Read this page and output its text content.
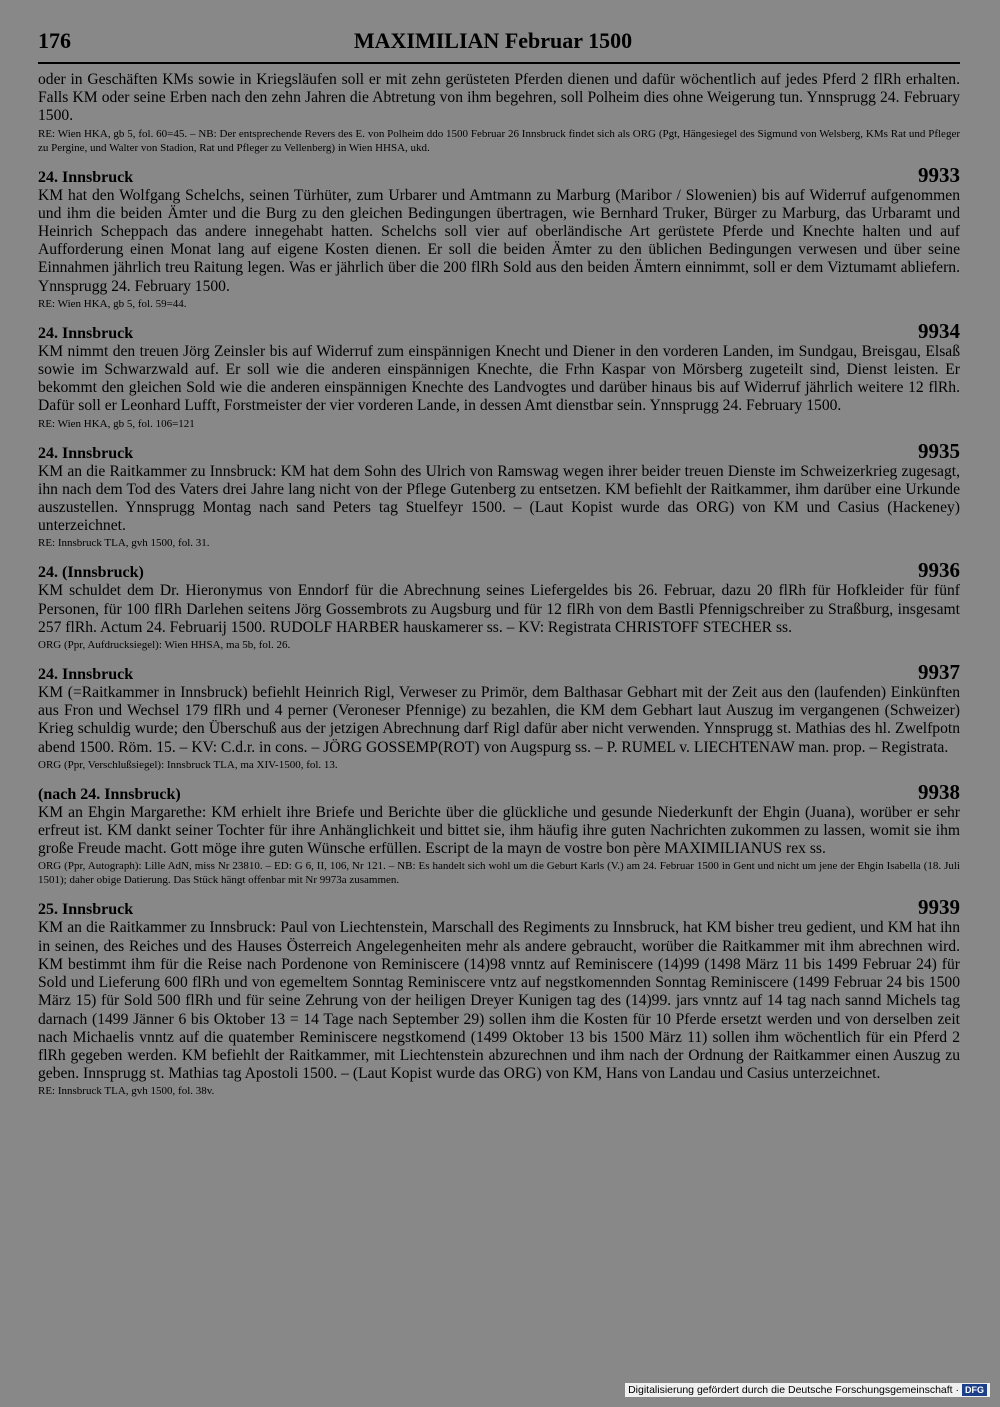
176	MAXIMILIAN Februar 1500
oder in Geschäften KMs sowie in Kriegsläufen soll er mit zehn gerüsteten Pferden dienen und dafür wöchentlich auf jedes Pferd 2 flRh erhalten. Falls KM oder seine Erben nach den zehn Jahren die Abtretung von ihm begehren, soll Polheim dies ohne Weigerung tun. Ynnsprugg 24. February 1500.
RE: Wien HKA, gb 5, fol. 60=45. – NB: Der entsprechende Revers des E. von Polheim ddo 1500 Februar 26 Innsbruck findet sich als ORG (Pgt, Hängesiegel des Sigmund von Welsberg, KMs Rat und Pfleger zu Pergine, und Walter von Stadion, Rat und Pfleger zu Vellenberg) in Wien HHSA, ukd.
24. Innsbruck	9933
KM hat den Wolfgang Schelchs, seinen Türhüter, zum Urbarer und Amtmann zu Marburg (Maribor / Slowenien) bis auf Widerruf aufgenommen und ihm die beiden Ämter und die Burg zu den gleichen Bedingungen übertragen, wie Bernhard Truker, Bürger zu Marburg, das Urbaramt und Heinrich Scheppach das andere innegehabt hatten. Schelchs soll vier auf oberländische Art gerüstete Pferde und Knechte halten und auf Aufforderung einen Monat lang auf eigene Kosten dienen. Er soll die beiden Ämter zu den üblichen Bedingungen verwesen und über seine Einnahmen jährlich treu Raitung legen. Was er jährlich über die 200 flRh Sold aus den beiden Ämtern einnimmt, soll er dem Viztumamt abliefern. Ynnsprugg 24. February 1500.
RE: Wien HKA, gb 5, fol. 59=44.
24. Innsbruck	9934
KM nimmt den treuen Jörg Zeinsler bis auf Widerruf zum einspännigen Knecht und Diener in den vorderen Landen, im Sundgau, Breisgau, Elsaß sowie im Schwarzwald auf. Er soll wie die anderen einspännigen Knechte, die Frhn Kaspar von Mörsberg zugeteilt sind, Dienst leisten. Er bekommt den gleichen Sold wie die anderen einspännigen Knechte des Landvogtes und darüber hinaus bis auf Widerruf jährlich weitere 12 flRh. Dafür soll er Leonhard Lufft, Forstmeister der vier vorderen Lande, in dessen Amt dienstbar sein. Ynnsprugg 24. February 1500.
RE: Wien HKA, gb 5, fol. 106=121
24. Innsbruck	9935
KM an die Raitkammer zu Innsbruck: KM hat dem Sohn des Ulrich von Ramswag wegen ihrer beider treuen Dienste im Schweizerkrieg zugesagt, ihn nach dem Tod des Vaters drei Jahre lang nicht von der Pflege Gutenberg zu entsetzen. KM befiehlt der Raitkammer, ihm darüber eine Urkunde auszustellen. Ynnsprugg Montag nach sand Peters tag Stuelfeyr 1500. – (Laut Kopist wurde das ORG) von KM und Casius (Hackeney) unterzeichnet.
RE: Innsbruck TLA, gvh 1500, fol. 31.
24. (Innsbruck)	9936
KM schuldet dem Dr. Hieronymus von Enndorf für die Abrechnung seines Liefergeldes bis 26. Februar, dazu 20 flRh für Hofkleider für fünf Personen, für 100 flRh Darlehen seitens Jörg Gossembrots zu Augsburg und für 12 flRh von dem Bastli Pfennigschreiber zu Straßburg, insgesamt 257 flRh. Actum 24. Februarij 1500. RUDOLF HARBER hauskamerer ss. – KV: Registrata CHRISTOFF STECHER ss.
ORG (Ppr, Aufdrucksiegel): Wien HHSA, ma 5b, fol. 26.
24. Innsbruck	9937
KM (=Raitkammer in Innsbruck) befiehlt Heinrich Rigl, Verweser zu Primör, dem Balthasar Gebhart mit der Zeit aus den (laufenden) Einkünften aus Fron und Wechsel 179 flRh und 4 perner (Veroneser Pfennige) zu bezahlen, die KM dem Gebhart laut Auszug im vergangenen (Schweizer) Krieg schuldig wurde; den Überschuß aus der jetzigen Abrechnung darf Rigl dafür aber nicht verwenden. Ynnsprugg st. Mathias des hl. Zwelfpotn abend 1500. Röm. 15. – KV: C.d.r. in cons. – JÖRG GOSSEMP(ROT) von Augspurg ss. – P. RUMEL v. LIECHTENAW man. prop. – Registrata.
ORG (Ppr, Verschlußsiegel): Innsbruck TLA, ma XIV-1500, fol. 13.
(nach 24. Innsbruck)	9938
KM an Ehgin Margarethe: KM erhielt ihre Briefe und Berichte über die glückliche und gesunde Niederkunft der Ehgin (Juana), worüber er sehr erfreut ist. KM dankt seiner Tochter für ihre Anhänglichkeit und bittet sie, ihm häufig ihre guten Nachrichten zukommen zu lassen, womit sie ihm große Freude macht. Gott möge ihre guten Wünsche erfüllen. Escript de la mayn de vostre bon père MAXIMILIANUS rex ss.
ORG (Ppr, Autograph): Lille AdN, miss Nr 23810. – ED: G 6, II, 106, Nr 121. – NB: Es handelt sich wohl um die Geburt Karls (V.) am 24. Februar 1500 in Gent und nicht um jene der Ehgin Isabella (18. Juli 1501); daher obige Datierung. Das Stück hängt offenbar mit Nr 9973a zusammen.
25. Innsbruck	9939
KM an die Raitkammer zu Innsbruck: Paul von Liechtenstein, Marschall des Regiments zu Innsbruck, hat KM bisher treu gedient, und KM hat ihn in seinen, des Reiches und des Hauses Österreich Angelegenheiten mehr als andere gebraucht, worüber die Raitkammer mit ihm abrechnen wird. KM bestimmt ihm für die Reise nach Pordenone von Reminiscere (14)98 vnntz auf Reminiscere (14)99 (1498 März 11 bis 1499 Februar 24) für Sold und Lieferung 600 flRh und von egemeltem Sonntag Reminiscere vntz auf negstkomennden Sonntag Reminiscere (1499 Februar 24 bis 1500 März 15) für Sold 500 flRh und für seine Zehrung von der heiligen Dreyer Kunigen tag des (14)99. jars vnntz auf 14 tag nach sannd Michels tag darnach (1499 Jänner 6 bis Oktober 13 = 14 Tage nach September 29) sollen ihm die Kosten für 10 Pferde ersetzt werden und von derselben zeit nach Michaelis vnntz auf die quatember Reminiscere negstkomend (1499 Oktober 13 bis 1500 März 11) sollen ihm wöchentlich für ein Pferd 2 flRh gegeben werden. KM befiehlt der Raitkammer, mit Liechtenstein abzurechnen und ihm nach der Ordnung der Raitkammer einen Auszug zu geben. Innsprugg st. Mathias tag Apostoli 1500. – (Laut Kopist wurde das ORG) von KM, Hans von Landau und Casius unterzeichnet.
RE: Innsbruck TLA, gvh 1500, fol. 38v.
Digitalisierung gefördert durch die Deutsche Forschungsgemeinschaft · DFG
